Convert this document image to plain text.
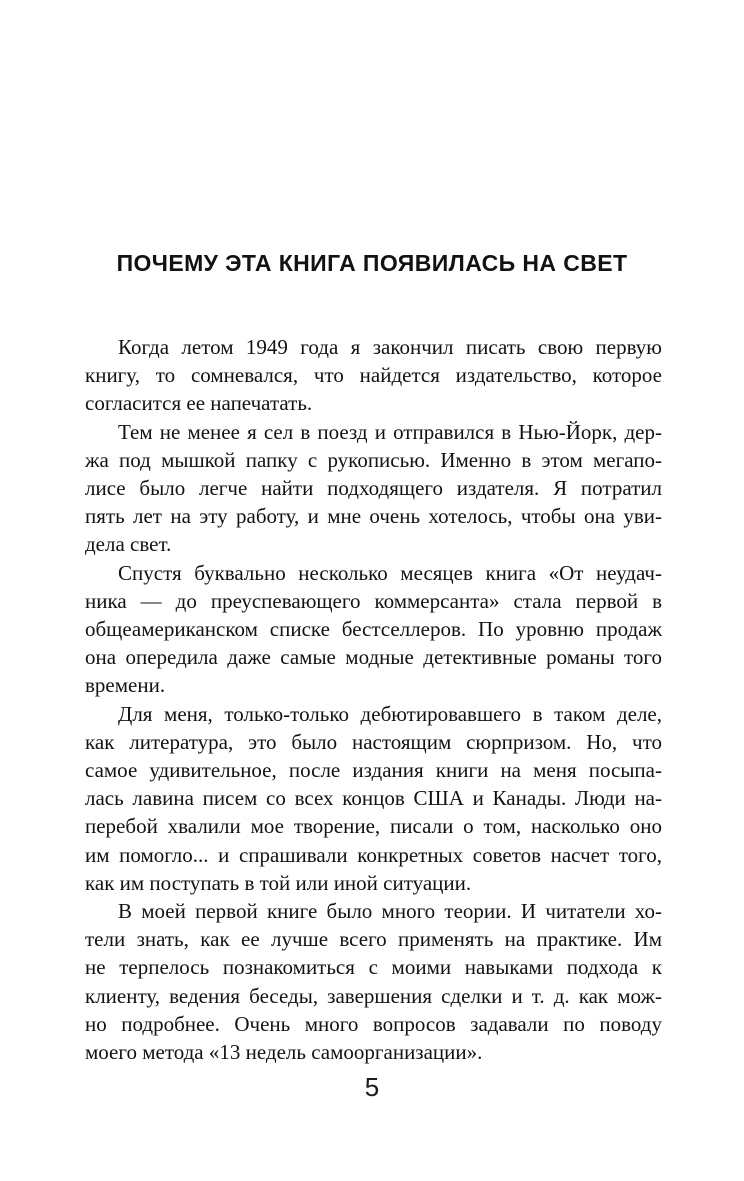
ПОЧЕМУ ЭТА КНИГА ПОЯВИЛАСЬ НА СВЕТ
Когда летом 1949 года я закончил писать свою первую
книгу, то сомневался, что найдется издательство, которое
согласится ее напечатать.
Тем не менее я сел в поезд и отправился в Нью-Йорк, дер-
жа под мышкой папку с рукописью. Именно в этом мегапо-
лисе было легче найти подходящего издателя. Я потратил
пять лет на эту работу, и мне очень хотелось, чтобы она уви-
дела свет.
Спустя буквально несколько месяцев книга «От неудач-
ника — до преуспевающего коммерсанта» стала первой в
общеамериканском списке бестселлеров. По уровню продаж
она опередила даже самые модные детективные романы того
времени.
Для меня, только-только дебютировавшего в таком деле,
как литература, это было настоящим сюрпризом. Но, что
самое удивительное, после издания книги на меня посыпа-
лась лавина писем со всех концов США и Канады. Люди на-
перебой хвалили мое творение, писали о том, насколько оно
им помогло... и спрашивали конкретных советов насчет того,
как им поступать в той или иной ситуации.
В моей первой книге было много теории. И читатели хо-
тели знать, как ее лучше всего применять на практике. Им
не терпелось познакомиться с моими навыками подхода к
клиенту, ведения беседы, завершения сделки и т. д. как мож-
но подробнее. Очень много вопросов задавали по поводу
моего метода «13 недель самоорганизации».
5
